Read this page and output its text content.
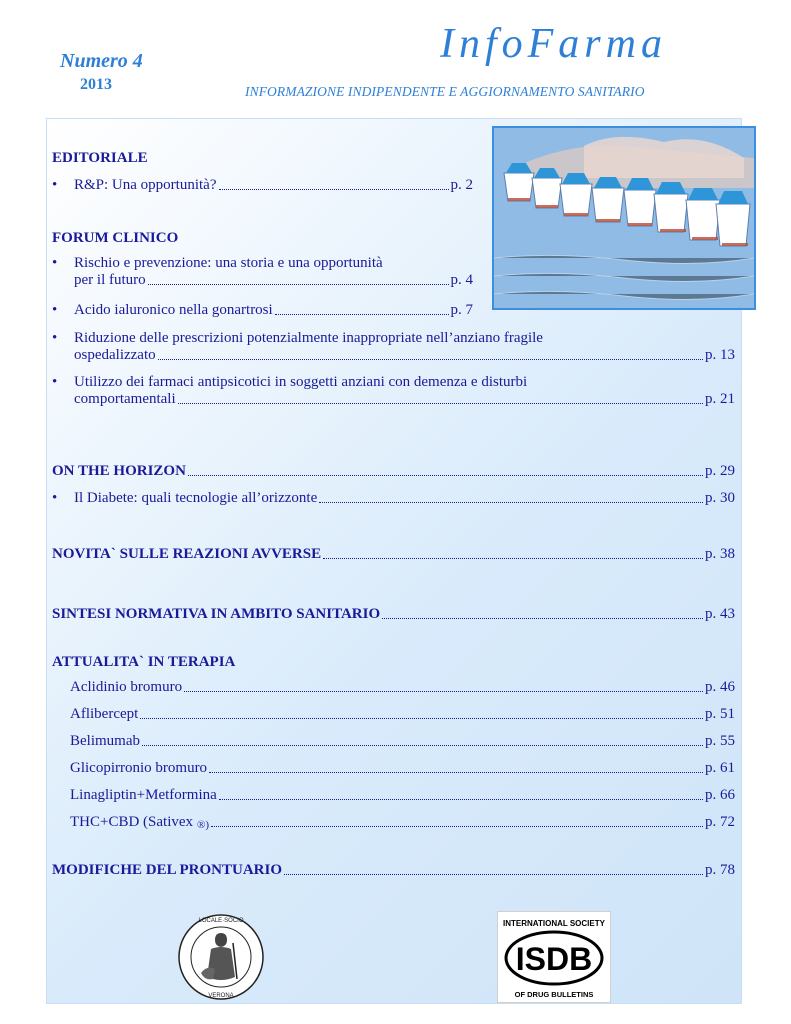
Numero 4
2013
InfoFarma
INFORMAZIONE INDIPENDENTE E AGGIORNAMENTO SANITARIO
EDITORIALE
• R&P: Una opportunità?	p. 2
FORUM CLINICO
• Rischio e prevenzione: una storia e una opportunità
per il futuro	p. 4
• Acido ialuronico nella gonartrosi	p. 7
• Riduzione delle prescrizioni potenzialmente inappropriate nell’anziano fragile
ospedalizzato	p. 13
• Utilizzo dei farmaci antipsicotici in soggetti anziani con demenza e disturbi
comportamentali	p. 21
ON THE HORIZON	p. 29
• Il Diabete: quali tecnologie all’orizzonte	p. 30
NOVITA` SULLE REAZIONI AVVERSE	p. 38
SINTESI NORMATIVA IN AMBITO SANITARIO	p. 43
ATTUALITA` IN TERAPIA
Aclidinio bromuro	p. 46
Aflibercept	p. 51
Belimumab	p. 55
Glicopirronio bromuro	p. 61
Linagliptin+Metformina	p. 66
THC+CBD (Sativex ®)	p. 72
MODIFICHE DEL PRONTUARIO	p. 78
LOCALE·SOCIO
VERONA
INTERNATIONAL SOCIETY
ISDB
OF DRUG BULLETINS
